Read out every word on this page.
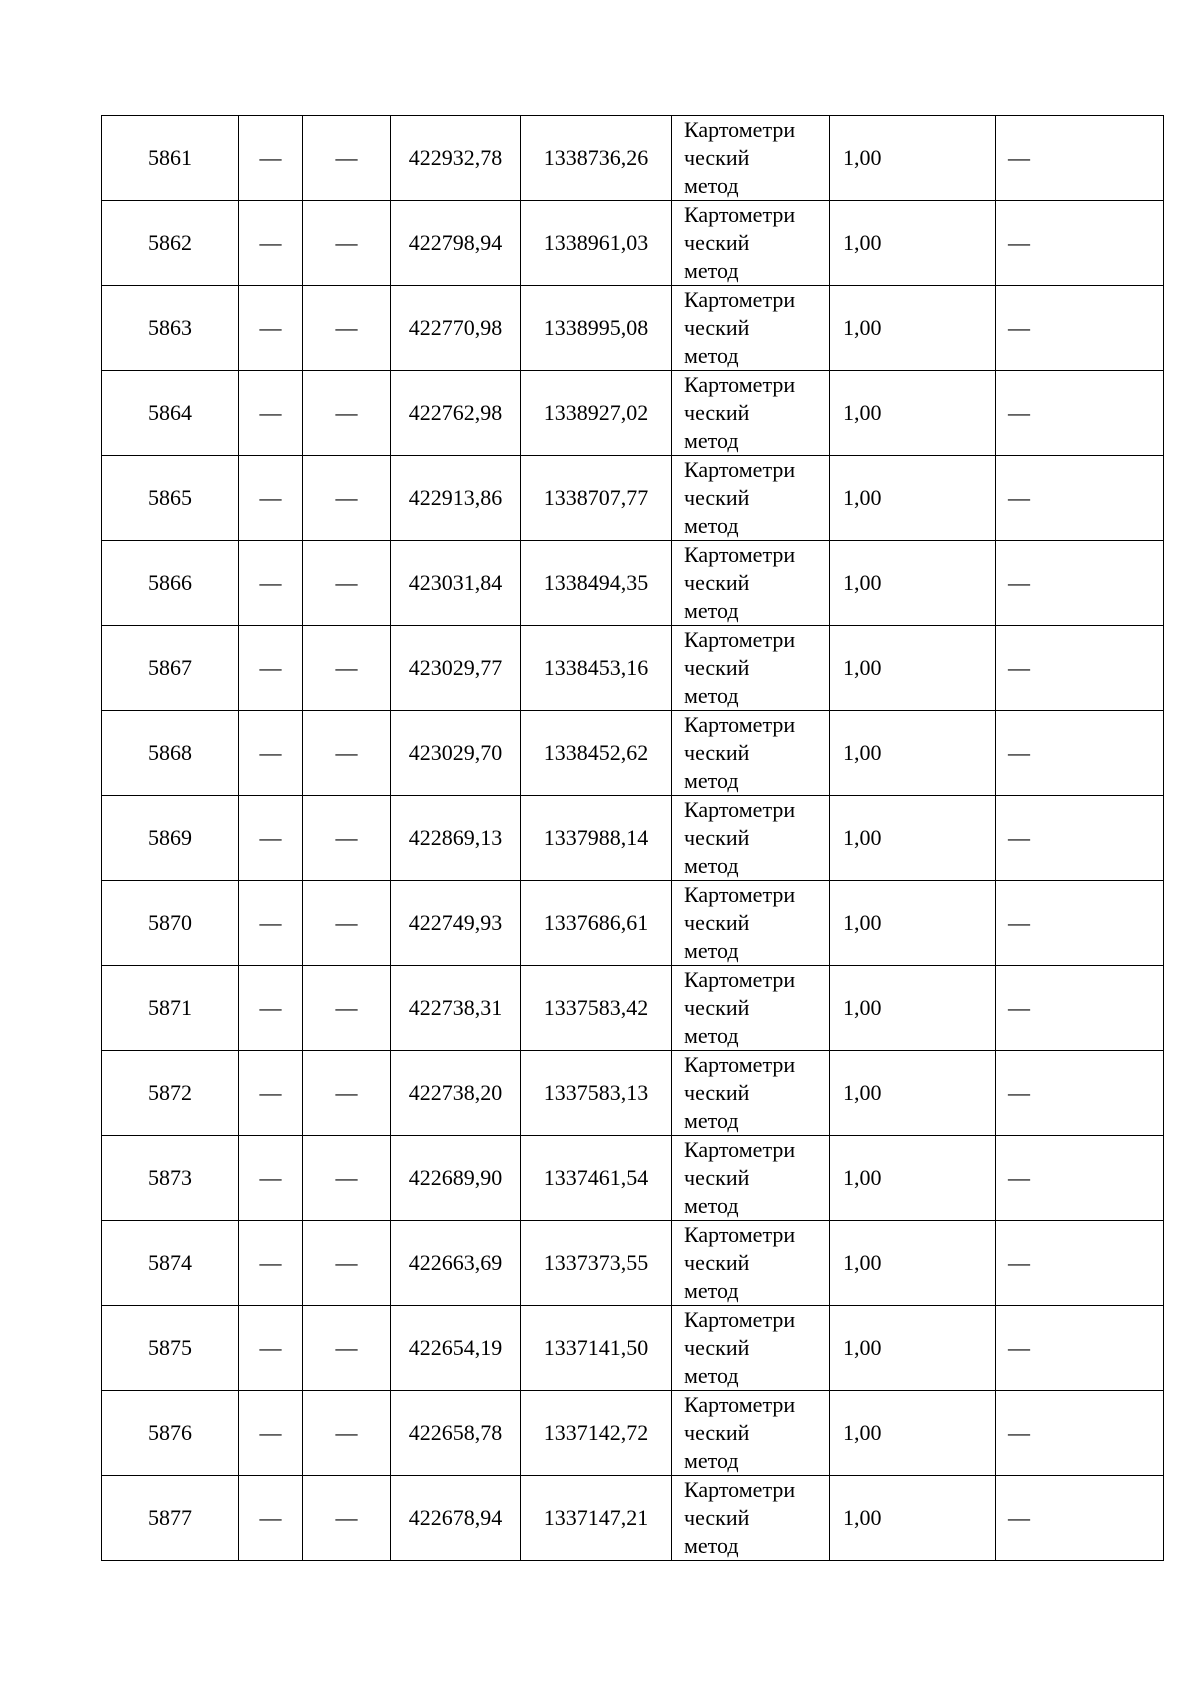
5861	—	—	422932,78	1338736,26	Картометри
ческий
метод	1,00	—
5862	—	—	422798,94	1338961,03	Картометри
ческий
метод	1,00	—
5863	—	—	422770,98	1338995,08	Картометри
ческий
метод	1,00	—
5864	—	—	422762,98	1338927,02	Картометри
ческий
метод	1,00	—
5865	—	—	422913,86	1338707,77	Картометри
ческий
метод	1,00	—
5866	—	—	423031,84	1338494,35	Картометри
ческий
метод	1,00	—
5867	—	—	423029,77	1338453,16	Картометри
ческий
метод	1,00	—
5868	—	—	423029,70	1338452,62	Картометри
ческий
метод	1,00	—
5869	—	—	422869,13	1337988,14	Картометри
ческий
метод	1,00	—
5870	—	—	422749,93	1337686,61	Картометри
ческий
метод	1,00	—
5871	—	—	422738,31	1337583,42	Картометри
ческий
метод	1,00	—
5872	—	—	422738,20	1337583,13	Картометри
ческий
метод	1,00	—
5873	—	—	422689,90	1337461,54	Картометри
ческий
метод	1,00	—
5874	—	—	422663,69	1337373,55	Картометри
ческий
метод	1,00	—
5875	—	—	422654,19	1337141,50	Картометри
ческий
метод	1,00	—
5876	—	—	422658,78	1337142,72	Картометри
ческий
метод	1,00	—
5877	—	—	422678,94	1337147,21	Картометри
ческий
метод	1,00	—
